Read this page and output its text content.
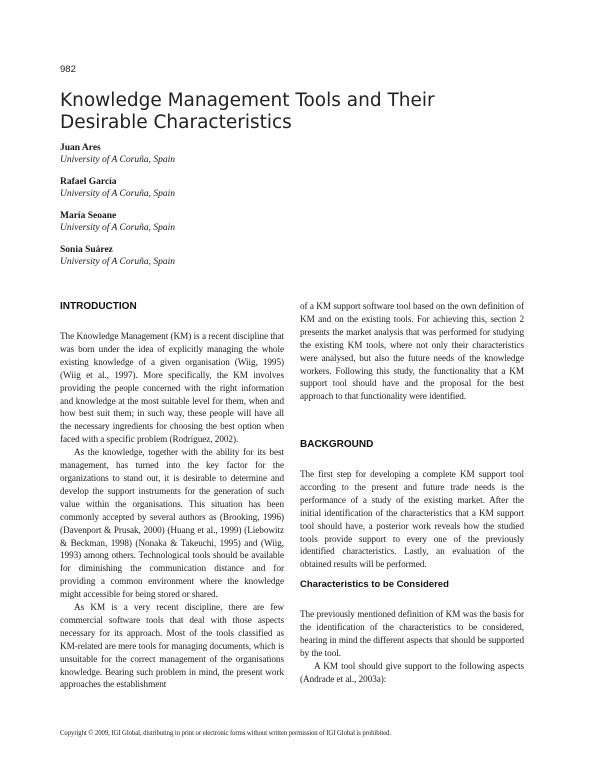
982
Knowledge Management Tools and Their Desirable Characteristics
Juan Ares
University of A Coruña, Spain
Rafael García
University of A Coruña, Spain
María Seoane
University of A Coruña, Spain
Sonia Suárez
University of A Coruña, Spain
INTRODUCTION

The Knowledge Management (KM) is a recent discipline that was born under the idea of explicitly managing the whole existing knowledge of a given organisation (Wiig, 1995) (Wiig et al., 1997). More specifically, the KM involves providing the people concerned with the right information and knowledge at the most suitable level for them, when and how best suit them; in such way, these people will have all the necessary ingredients for choosing the best option when faced with a specific problem (Rodríguez, 2002).

As the knowledge, together with the ability for its best management, has turned into the key factor for the organizations to stand out, it is desirable to determine and develop the support instruments for the generation of such value within the organisations. This situation has been commonly accepted by several authors as (Brooking, 1996) (Davenport & Prusak, 2000) (Huang et al., 1999) (Liebowitz & Beckman, 1998) (Nonaka & Takeuchi, 1995) and (Wiig, 1993) among others. Technological tools should be available for diminishing the communication distance and for providing a common environment where the knowledge might accessible for being stored or shared.

As KM is a very recent discipline, there are few commercial software tools that deal with those aspects necessary for its approach. Most of the tools classified as KM-related are mere tools for managing documents, which is unsuitable for the correct management of the organisations knowledge. Bearing such problem in mind, the present work approaches the establishment

of a KM support software tool based on the own definition of KM and on the existing tools. For achieving this, section 2 presents the market analysis that was performed for studying the existing KM tools, where not only their characteristics were analysed, but also the future needs of the knowledge workers. Following this study, the functionality that a KM support tool should have and the proposal for the best approach to that functionality were identified.

BACKGROUND

The first step for developing a complete KM support tool according to the present and future trade needs is the performance of a study of the existing market. After the initial identification of the characteristics that a KM support tool should have, a posterior work reveals how the studied tools provide support to every one of the previously identified characteristics. Lastly, an evaluation of the obtained results will be performed.

Characteristics to be Considered

The previously mentioned definition of KM was the basis for the identification of the characteristics to be considered, bearing in mind the different aspects that should be supported by the tool.

A KM tool should give support to the following aspects (Andrade et al., 2003a):

Copyright © 2009, IGI Global, distributing in print or electronic forms without written permission of IGI Global is prohibited.
